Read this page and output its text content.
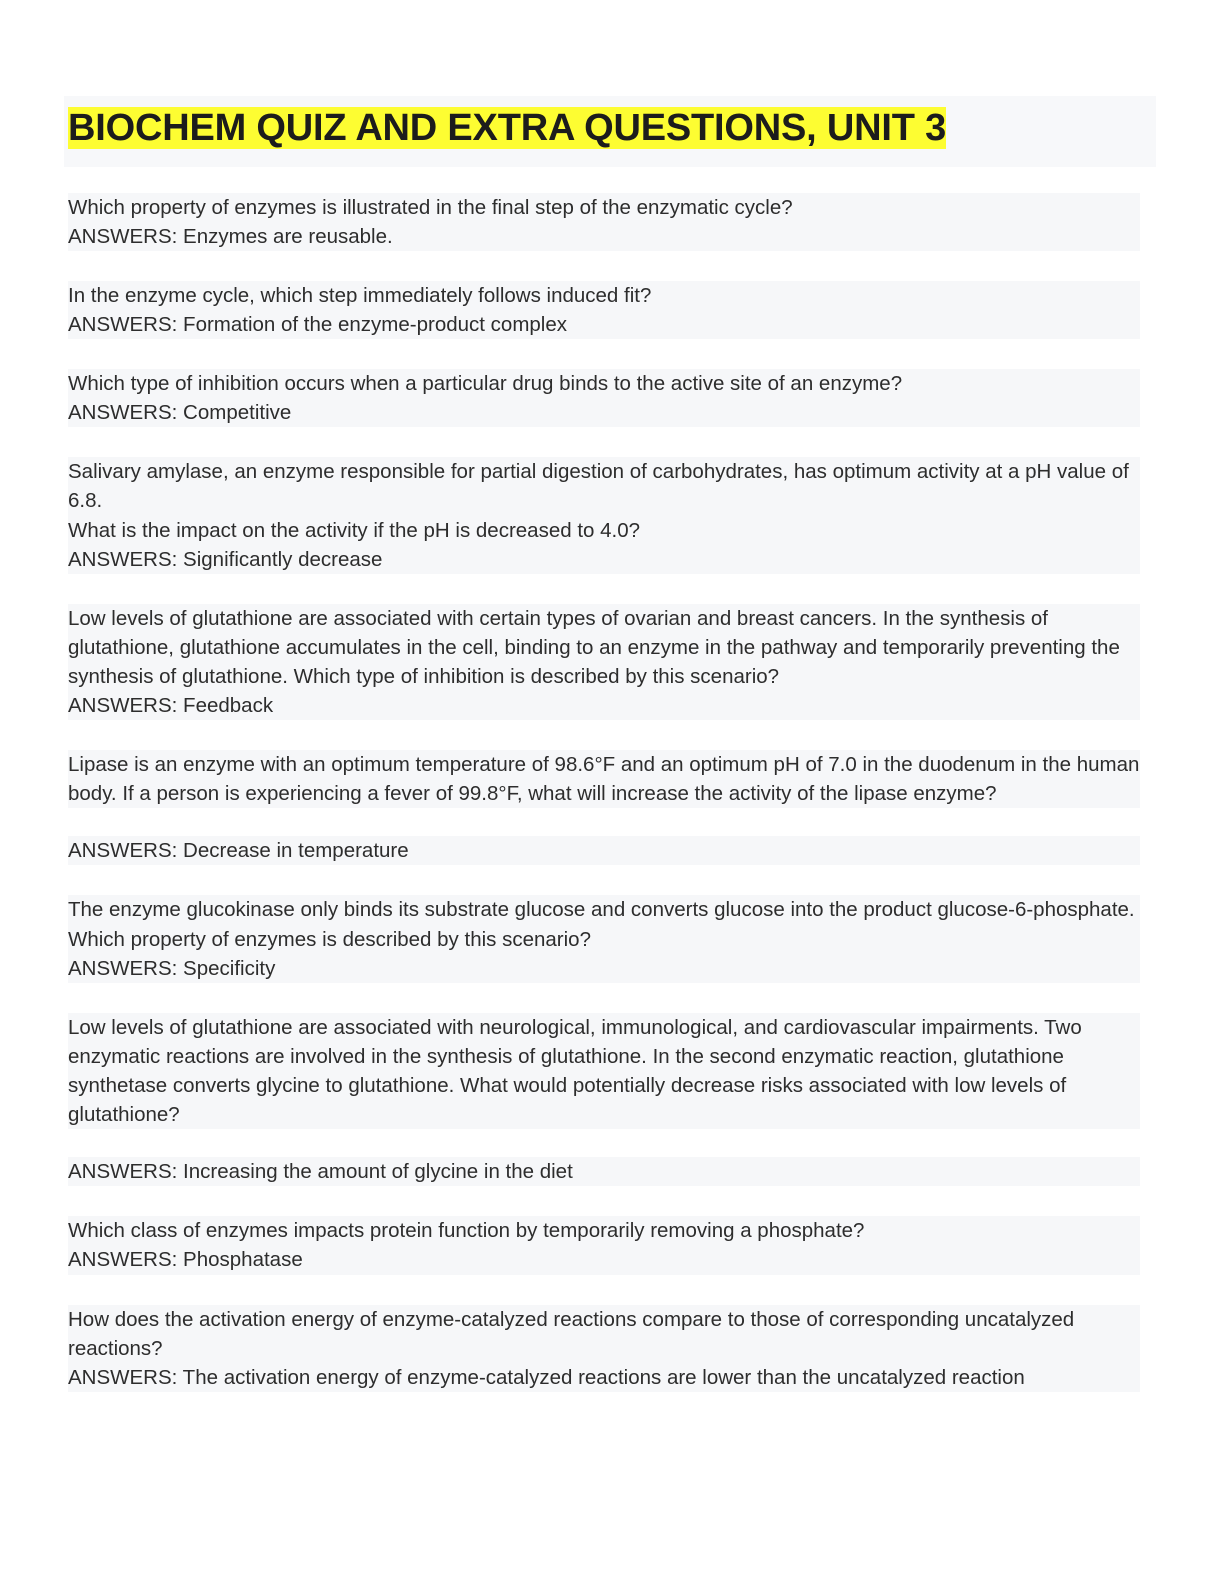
BIOCHEM QUIZ AND EXTRA QUESTIONS, UNIT 3
Which property of enzymes is illustrated in the final step of the enzymatic cycle?
ANSWERS: Enzymes are reusable.
In the enzyme cycle, which step immediately follows induced fit?
ANSWERS: Formation of the enzyme-product complex
Which type of inhibition occurs when a particular drug binds to the active site of an enzyme?
ANSWERS: Competitive
Salivary amylase, an enzyme responsible for partial digestion of carbohydrates, has optimum activity at a pH value of 6.8.
What is the impact on the activity if the pH is decreased to 4.0?
ANSWERS: Significantly decrease
Low levels of glutathione are associated with certain types of ovarian and breast cancers. In the synthesis of glutathione, glutathione accumulates in the cell, binding to an enzyme in the pathway and temporarily preventing the synthesis of glutathione. Which type of inhibition is described by this scenario?
ANSWERS: Feedback
Lipase is an enzyme with an optimum temperature of 98.6°F and an optimum pH of 7.0 in the duodenum in the human body. If a person is experiencing a fever of 99.8°F, what will increase the activity of the lipase enzyme?
ANSWERS: Decrease in temperature
The enzyme glucokinase only binds its substrate glucose and converts glucose into the product glucose-6-phosphate. Which property of enzymes is described by this scenario?
ANSWERS: Specificity
Low levels of glutathione are associated with neurological, immunological, and cardiovascular impairments. Two enzymatic reactions are involved in the synthesis of glutathione. In the second enzymatic reaction, glutathione synthetase converts glycine to glutathione. What would potentially decrease risks associated with low levels of glutathione?
ANSWERS: Increasing the amount of glycine in the diet
Which class of enzymes impacts protein function by temporarily removing a phosphate?
ANSWERS: Phosphatase
How does the activation energy of enzyme-catalyzed reactions compare to those of corresponding uncatalyzed reactions?
ANSWERS: The activation energy of enzyme-catalyzed reactions are lower than the uncatalyzed reaction
